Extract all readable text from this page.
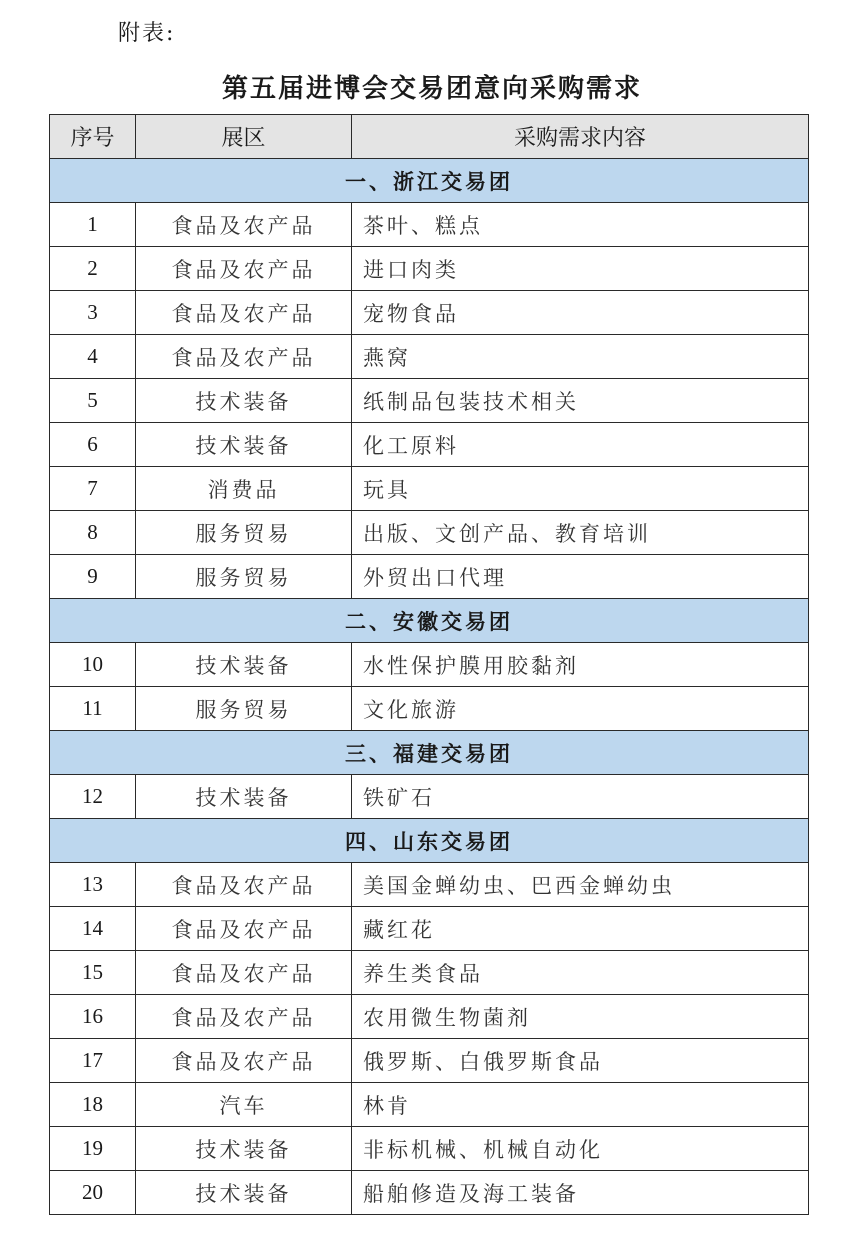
附表:
第五届进博会交易团意向采购需求
序号	展区	采购需求内容
一、浙江交易团		
1	食品及农产品	茶叶、糕点
2	食品及农产品	进口肉类
3	食品及农产品	宠物食品
4	食品及农产品	燕窝
5	技术装备	纸制品包装技术相关
6	技术装备	化工原料
7	消费品	玩具
8	服务贸易	出版、文创产品、教育培训
9	服务贸易	外贸出口代理
二、安徽交易团		
10	技术装备	水性保护膜用胶黏剂
11	服务贸易	文化旅游
三、福建交易团		
12	技术装备	铁矿石
四、山东交易团		
13	食品及农产品	美国金蝉幼虫、巴西金蝉幼虫
14	食品及农产品	藏红花
15	食品及农产品	养生类食品
16	食品及农产品	农用微生物菌剂
17	食品及农产品	俄罗斯、白俄罗斯食品
18	汽车	林肯
19	技术装备	非标机械、机械自动化
20	技术装备	船舶修造及海工装备
